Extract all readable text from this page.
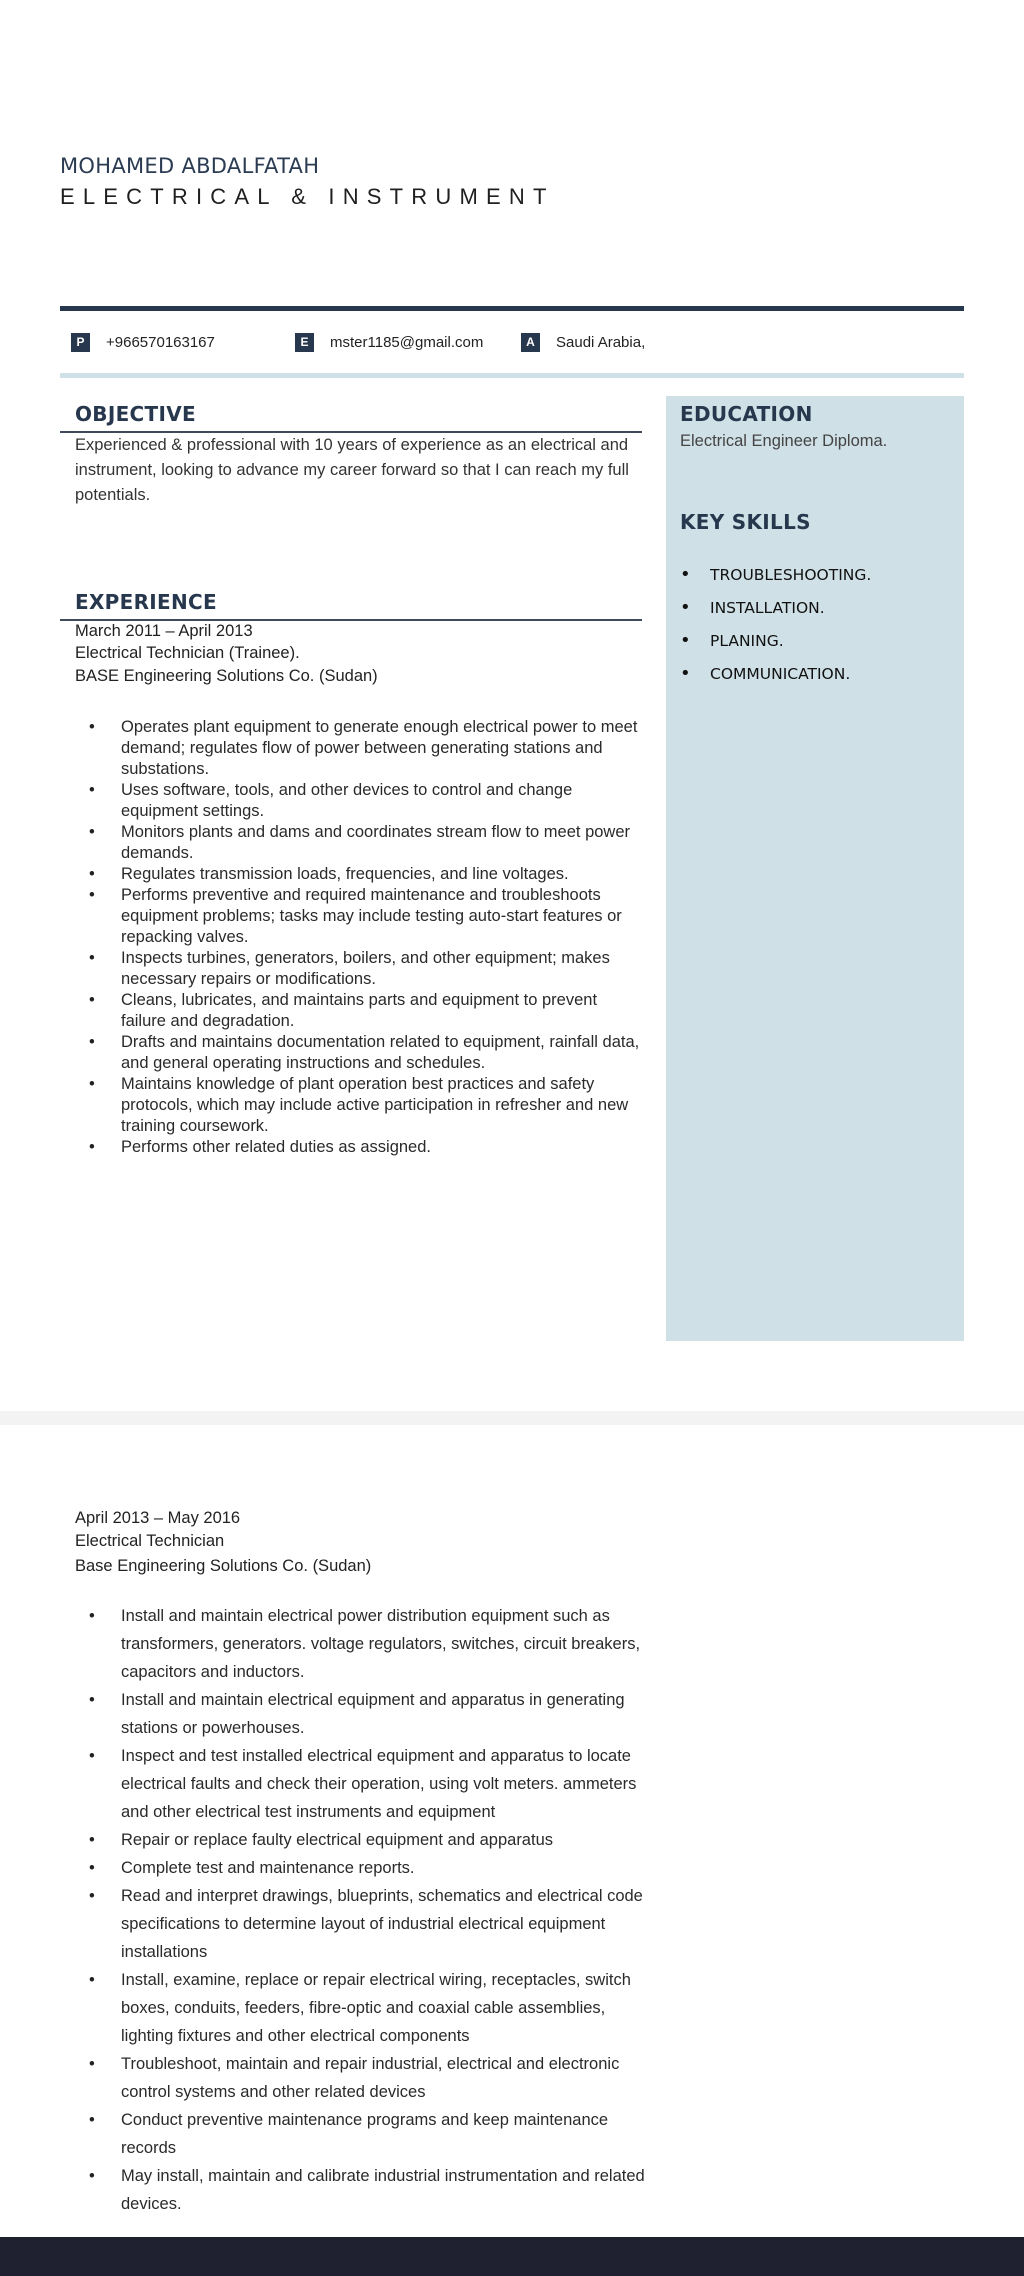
MOHAMED ABDALFATAH
ELECTRICAL & INSTRUMENT
P	+966570163167	E	mster1185@gmail.com	A	Saudi Arabia,
OBJECTIVE
Experienced & professional with 10 years of experience as an electrical and instrument, looking to advance my career forward so that I can reach my full potentials.
EDUCATION
Electrical Engineer Diploma.
KEY SKILLS
• TROUBLESHOOTING.
• INSTALLATION.
• PLANING.
• COMMUNICATION.
EXPERIENCE
March 2011 – April 2013
Electrical Technician (Trainee).
BASE Engineering Solutions Co. (Sudan)
• Operates plant equipment to generate enough electrical power to meet demand; regulates flow of power between generating stations and substations.
• Uses software, tools, and other devices to control and change equipment settings.
• Monitors plants and dams and coordinates stream flow to meet power demands.
• Regulates transmission loads, frequencies, and line voltages.
• Performs preventive and required maintenance and troubleshoots equipment problems; tasks may include testing auto-start features or repacking valves.
• Inspects turbines, generators, boilers, and other equipment; makes necessary repairs or modifications.
• Cleans, lubricates, and maintains parts and equipment to prevent failure and degradation.
• Drafts and maintains documentation related to equipment, rainfall data, and general operating instructions and schedules.
• Maintains knowledge of plant operation best practices and safety protocols, which may include active participation in refresher and new training coursework.
• Performs other related duties as assigned.
April 2013 – May 2016
Electrical Technician
Base Engineering Solutions Co. (Sudan)
• Install and maintain electrical power distribution equipment such as transformers, generators. voltage regulators, switches, circuit breakers, capacitors and inductors.
• Install and maintain electrical equipment and apparatus in generating stations or powerhouses.
• Inspect and test installed electrical equipment and apparatus to locate electrical faults and check their operation, using volt meters. ammeters and other electrical test instruments and equipment
• Repair or replace faulty electrical equipment and apparatus
• Complete test and maintenance reports.
• Read and interpret drawings, blueprints, schematics and electrical code specifications to determine layout of industrial electrical equipment installations
• Install, examine, replace or repair electrical wiring, receptacles, switch boxes, conduits, feeders, fibre-optic and coaxial cable assemblies, lighting fixtures and other electrical components
• Troubleshoot, maintain and repair industrial, electrical and electronic control systems and other related devices
• Conduct preventive maintenance programs and keep maintenance records
• May install, maintain and calibrate industrial instrumentation and related devices.
